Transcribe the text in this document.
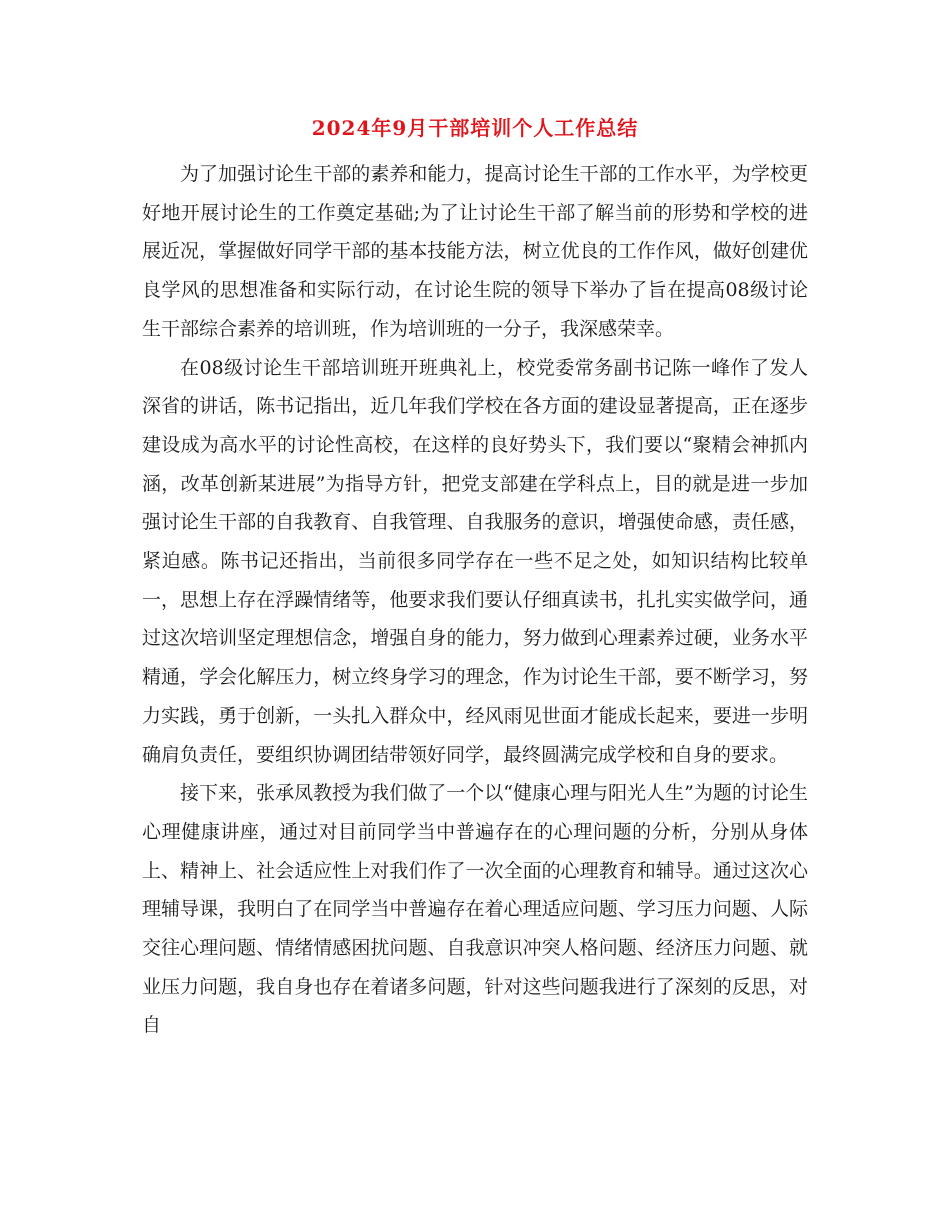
2024年9月干部培训个人工作总结

为了加强讨论生干部的素养和能力，提高讨论生干部的工作水平，为学校更好地开展讨论生的工作奠定基础;为了让讨论生干部了解当前的形势和学校的进展近况，掌握做好同学干部的基本技能方法，树立优良的工作作风，做好创建优良学风的思想准备和实际行动，在讨论生院的领导下举办了旨在提高08级讨论生干部综合素养的培训班，作为培训班的一分子，我深感荣幸。

在08级讨论生干部培训班开班典礼上，校党委常务副书记陈一峰作了发人深省的讲话，陈书记指出，近几年我们学校在各方面的建设显著提高，正在逐步建设成为高水平的讨论性高校，在这样的良好势头下，我们要以“聚精会神抓内涵，改革创新某进展”为指导方针，把党支部建在学科点上，目的就是进一步加强讨论生干部的自我教育、自我管理、自我服务的意识，增强使命感，责任感，紧迫感。陈书记还指出，当前很多同学存在一些不足之处，如知识结构比较单一，思想上存在浮躁情绪等，他要求我们要认仔细真读书，扎扎实实做学问，通过这次培训坚定理想信念，增强自身的能力，努力做到心理素养过硬，业务水平精通，学会化解压力，树立终身学习的理念，作为讨论生干部，要不断学习，努力实践，勇于创新，一头扎入群众中，经风雨见世面才能成长起来，要进一步明确肩负责任，要组织协调团结带领好同学，最终圆满完成学校和自身的要求。

接下来，张承凤教授为我们做了一个以“健康心理与阳光人生”为题的讨论生心理健康讲座，通过对目前同学当中普遍存在的心理问题的分析，分别从身体上、精神上、社会适应性上对我们作了一次全面的心理教育和辅导。通过这次心理辅导课，我明白了在同学当中普遍存在着心理适应问题、学习压力问题、人际交往心理问题、情绪情感困扰问题、自我意识冲突人格问题、经济压力问题、就业压力问题，我自身也存在着诸多问题，针对这些问题我进行了深刻的反思，对自
